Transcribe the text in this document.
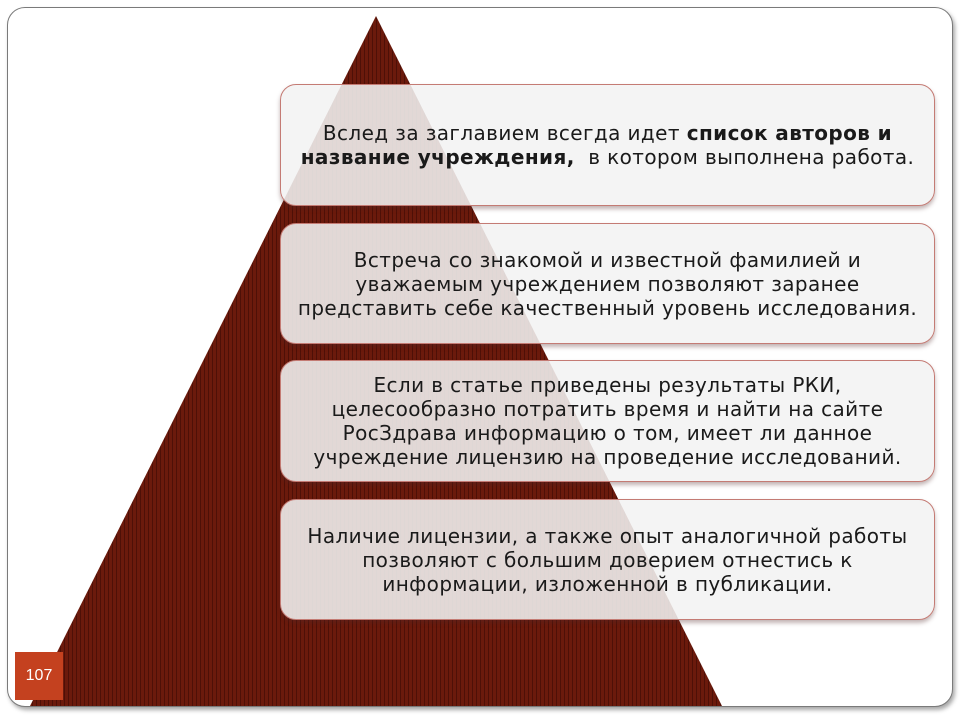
Вслед за заглавием всегда идет список авторов и название учреждения,  в котором выполнена работа.
Встреча со знакомой и известной фамилией и уважаемым учреждением позволяют заранее представить себе качественный уровень исследования.
Если в статье приведены результаты РКИ, целесообразно потратить время и найти на сайте РосЗдрава информацию о том, имеет ли данное учреждение лицензию на проведение исследований.
Наличие лицензии, а также опыт аналогичной работы позволяют с большим доверием отнестись к информации, изложенной в публикации.
107
